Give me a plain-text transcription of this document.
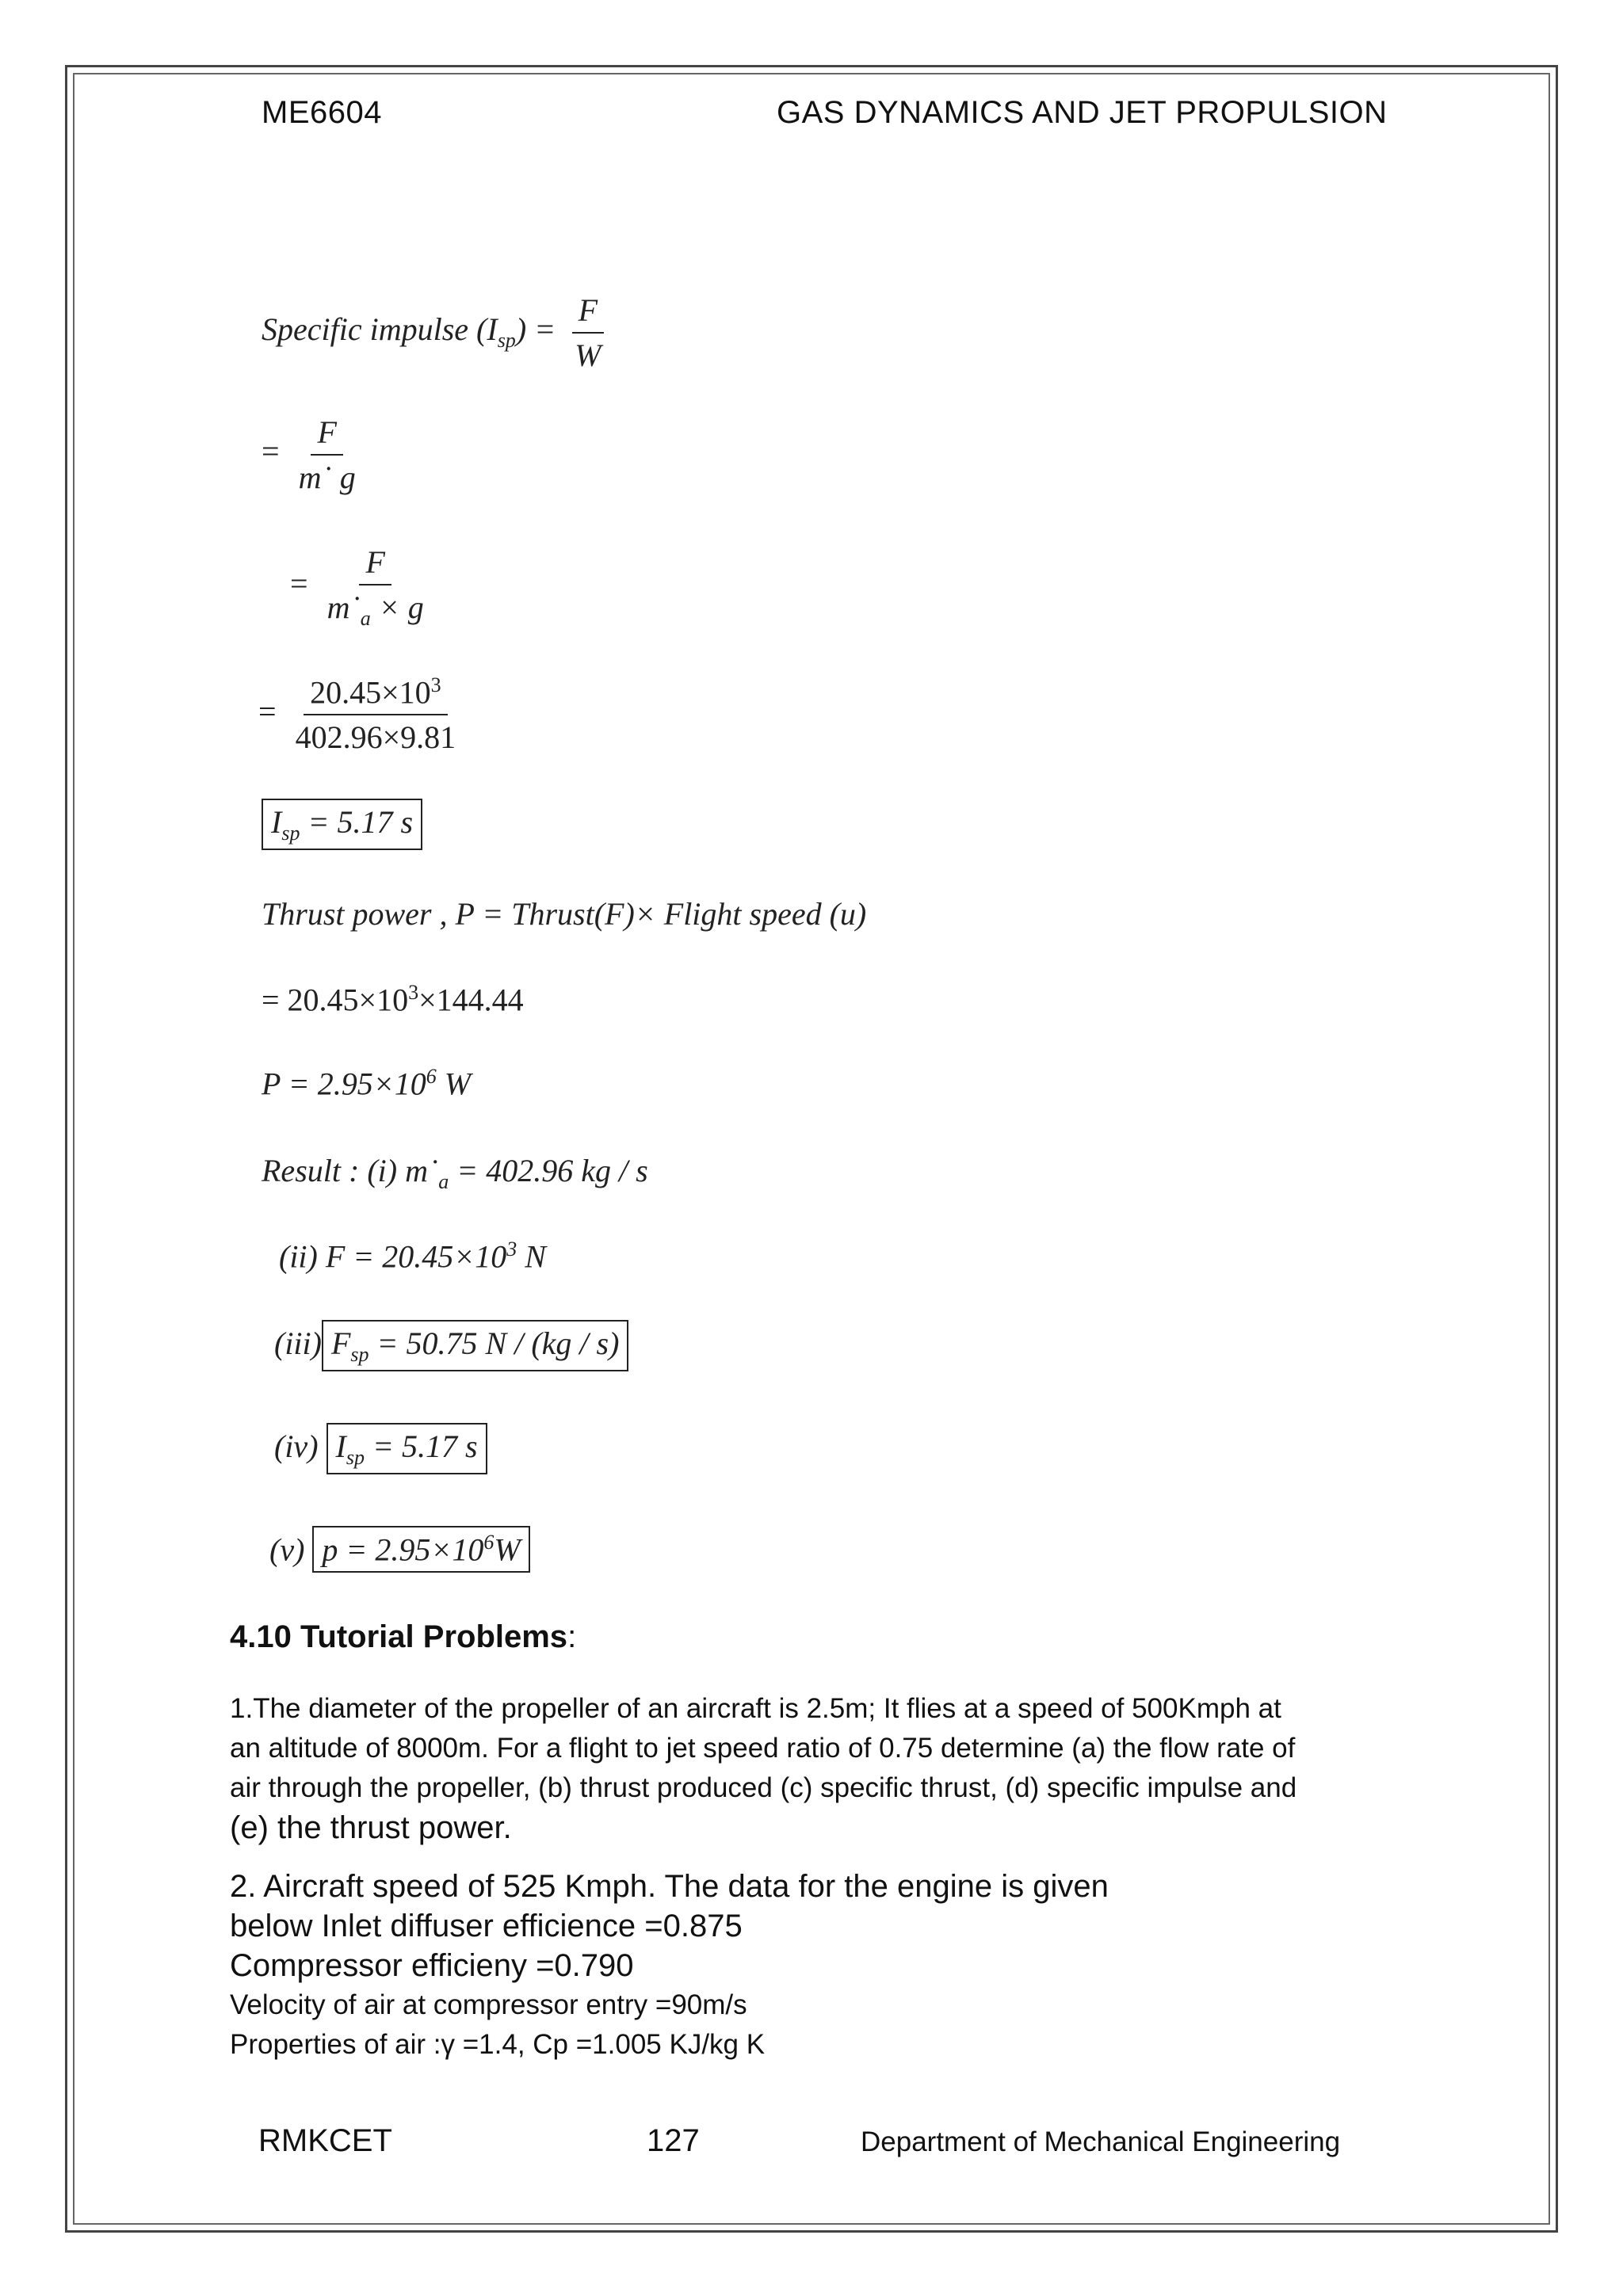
ME6604	GAS DYNAMICS AND JET PROPULSION
Specific impulse $(I_{sp}) = \frac{F}{W}$
= $\frac{F}{m˙ g}$
= $\frac{F}{m˙_a \times g}$
= $\frac{20.45\times 10^3}{402.96\times 9.81}$
$I_{sp} = 5.17$ s
Thrust power , P = Thrust(F)× Flight speed (u)
= $20.45\times 10^3\times 144.44$
$P = 2.95\times 10^6$ W
Result : (i) $m˙_a = 402.96$ kg / s
(ii) $F = 20.45\times 10^3$ N
(iii) $F_{sp} = 50.75$ N / (kg / s)
(iv) $I_{sp} = 5.17$ s
(v) $p = 2.95\times 10^6W$
4.10 Tutorial Problems:
1.The diameter of the propeller of an aircraft is 2.5m; It flies at a speed of 500Kmph at
an altitude of 8000m. For a flight to jet speed ratio of 0.75 determine (a) the flow rate of
air through the propeller, (b) thrust produced (c) specific thrust, (d) specific impulse and
(e) the thrust power.
2. Aircraft speed of 525 Kmph. The data for the engine is given
below Inlet diffuser efficience =0.875
Compressor efficieny =0.790
Velocity of air at compressor entry =90m/s
Properties of air :γ =1.4, Cp =1.005 KJ/kg K
RMKCET	127	Department of Mechanical Engineering
